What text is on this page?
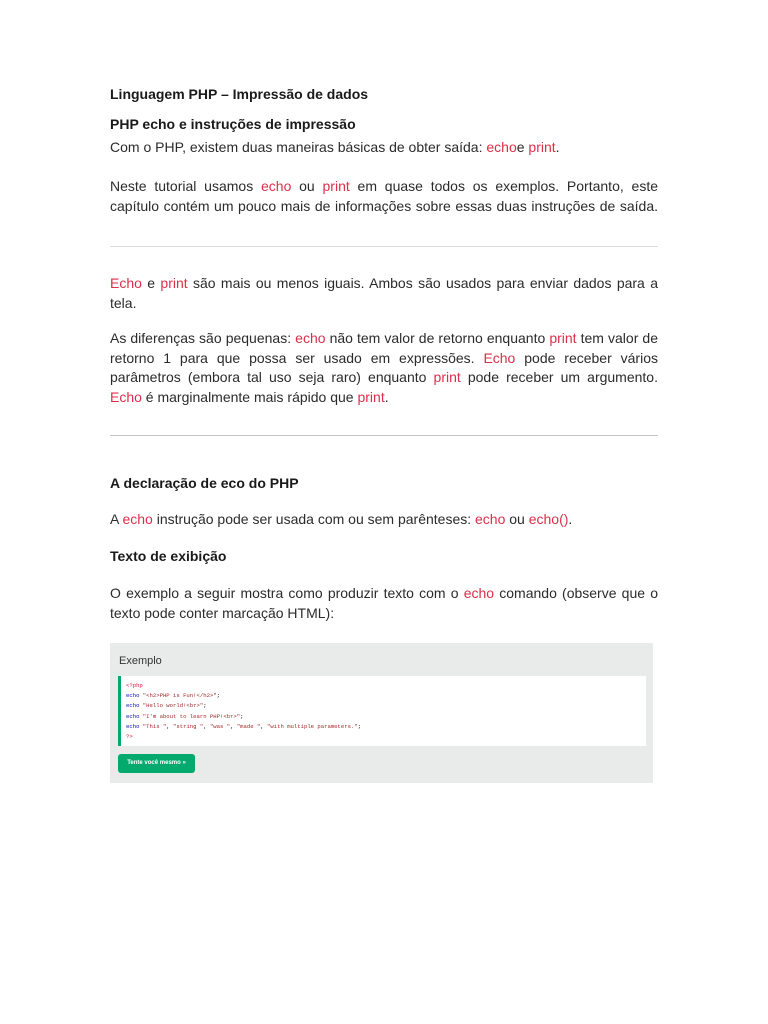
Linguagem PHP – Impressão de dados
PHP echo e instruções de impressão

Com o PHP, existem duas maneiras básicas de obter saída: echoe print.

Neste tutorial usamos echo ou print em quase todos os exemplos. Portanto, este capítulo contém um pouco mais de informações sobre essas duas instruções de saída.

Echo e print são mais ou menos iguais. Ambos são usados para enviar dados para a tela.

As diferenças são pequenas: echo não tem valor de retorno enquanto print tem valor de retorno 1 para que possa ser usado em expressões. Echo pode receber vários parâmetros (embora tal uso seja raro) enquanto print pode receber um argumento. Echo é marginalmente mais rápido que print.

A declaração de eco do PHP

A echo instrução pode ser usada com ou sem parênteses: echo ou echo().

Texto de exibição

O exemplo a seguir mostra como produzir texto com o echo comando (observe que o texto pode conter marcação HTML):

Exemplo
<?php
echo "<h2>PHP is Fun!</h2>";
echo "Hello world!<br>";
echo "I'm about to learn PHP!<br>";
echo "This ", "string ", "was ", "made ", "with multiple parameters.";
?>
Tente você mesmo »
